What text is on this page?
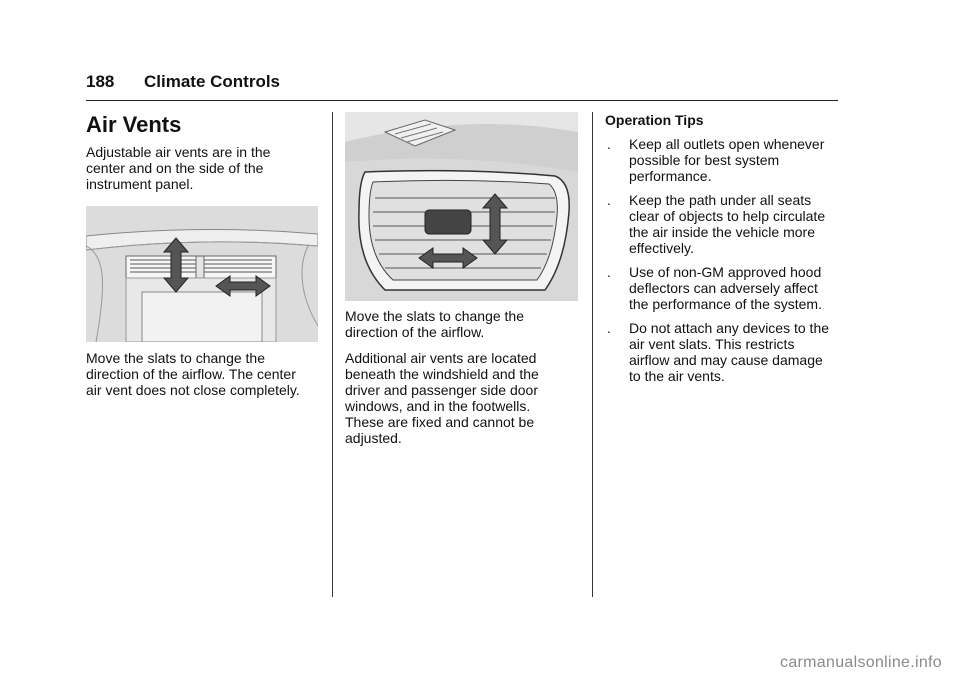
188 Climate Controls
Air Vents

Adjustable air vents are in the
center and on the side of the
instrument panel.

Move the slats to change the
direction of the airflow. The center
air vent does not close completely.

Move the slats to change the
direction of the airflow.

Additional air vents are located
beneath the windshield and the
driver and passenger side door
windows, and in the footwells.
These are fixed and cannot be
adjusted.

Operation Tips
. Keep all outlets open whenever
possible for best system
performance.
. Keep the path under all seats
clear of objects to help circulate
the air inside the vehicle more
effectively.
. Use of non-GM approved hood
deflectors can adversely affect
the performance of the system.
. Do not attach any devices to the
air vent slats. This restricts
airflow and may cause damage
to the air vents.
carmanualsonline.info
